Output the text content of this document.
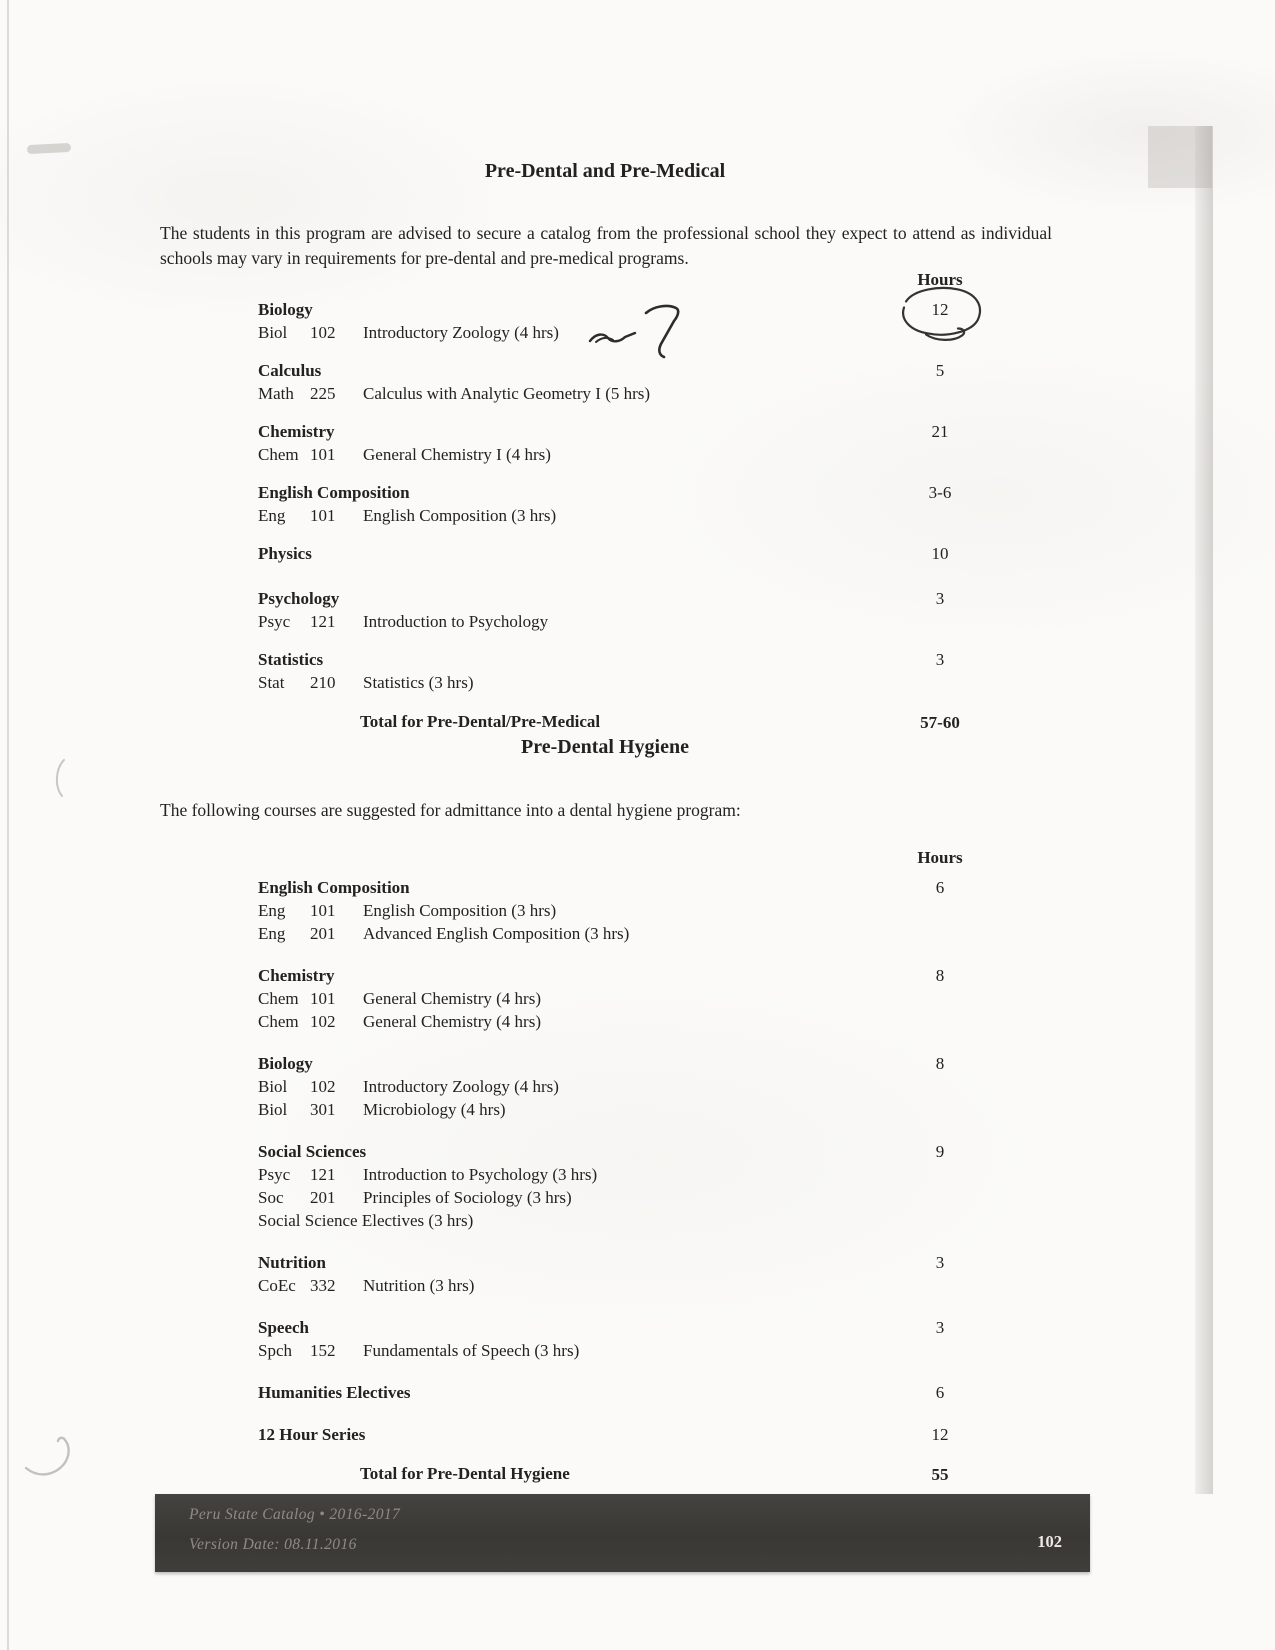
Pre-Dental and Pre-Medical

The students in this program are advised to secure a catalog from the professional school they expect to attend as individual schools may vary in requirements for pre-dental and pre-medical programs.

Hours
Biology	12
Biol	102	Introductory Zoology (4 hrs)
Calculus	5
Math 225	Calculus with Analytic Geometry I (5 hrs)
Chemistry	21
Chem 101	General Chemistry I (4 hrs)
English Composition	3-6
Eng	101	English Composition (3 hrs)
Physics	10
Psychology	3
Psyc	121	Introduction to Psychology
Statistics	3
Stat	210	Statistics (3 hrs)
Total for Pre-Dental/Pre-Medical	57-60
Pre-Dental Hygiene

The following courses are suggested for admittance into a dental hygiene program:

Hours
English Composition	6
Eng	101	English Composition (3 hrs)
Eng	201	Advanced English Composition (3 hrs)
Chemistry	8
Chem 101	General Chemistry (4 hrs)
Chem 102	General Chemistry (4 hrs)
Biology	8
Biol	102	Introductory Zoology (4 hrs)
Biol	301	Microbiology (4 hrs)
Social Sciences	9
Psyc	121	Introduction to Psychology (3 hrs)
Soc	201	Principles of Sociology (3 hrs)
Social Science Electives (3 hrs)
Nutrition	3
CoEc 332	Nutrition (3 hrs)
Speech	3
Spch	152	Fundamentals of Speech (3 hrs)
Humanities Electives	6
12 Hour Series	12
Total for Pre-Dental Hygiene	55
Peru State Catalog • 2016-2017
Version Date: 08.11.2016	102
